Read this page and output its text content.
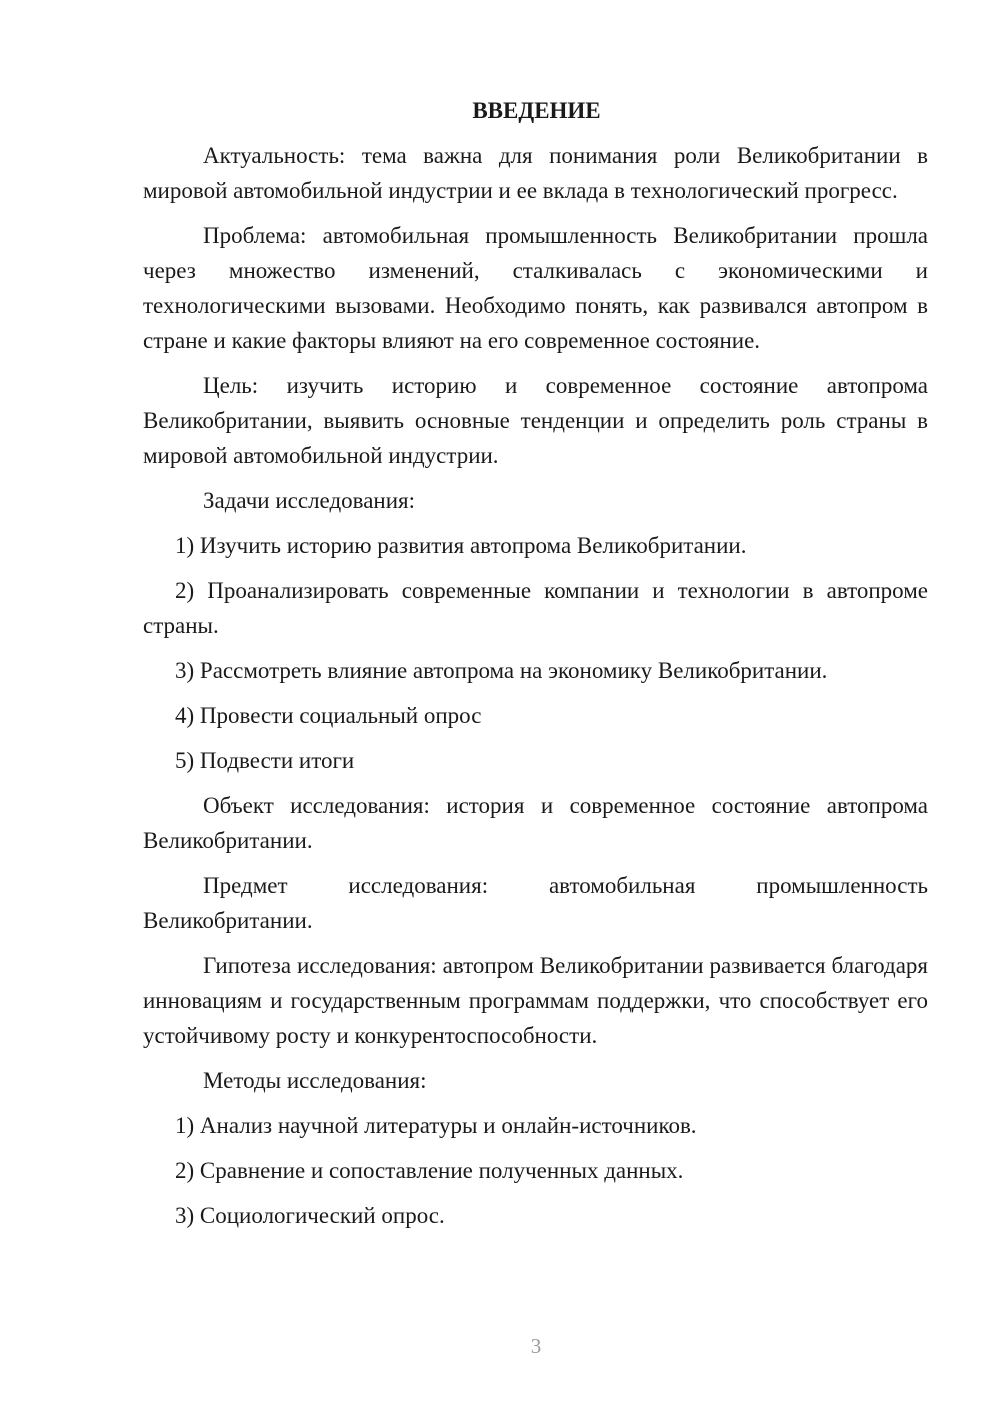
ВВЕДЕНИЕ

Актуальность: тема важна для понимания роли Великобритании в мировой автомобильной индустрии и ее вклада в технологический прогресс.

Проблема: автомобильная промышленность Великобритании прошла через множество изменений, сталкивалась с экономическими и технологическими вызовами. Необходимо понять, как развивался автопром в стране и какие факторы влияют на его современное состояние.

Цель: изучить историю и современное состояние автопрома Великобритании, выявить основные тенденции и определить роль страны в мировой автомобильной индустрии.

Задачи исследования:

1) Изучить историю развития автопрома Великобритании.

2) Проанализировать современные компании и технологии в автопроме страны.

3) Рассмотреть влияние автопрома на экономику Великобритании.

4) Провести социальный опрос

5) Подвести итоги

Объект исследования: история и современное состояние автопрома Великобритании.

Предмет исследования: автомобильная промышленность Великобритании.

Гипотеза исследования: автопром Великобритании развивается благодаря инновациям и государственным программам поддержки, что способствует его устойчивому росту и конкурентоспособности.

Методы исследования:

1) Анализ научной литературы и онлайн-источников.

2) Сравнение и сопоставление полученных данных.

3) Социологический опрос.

3
